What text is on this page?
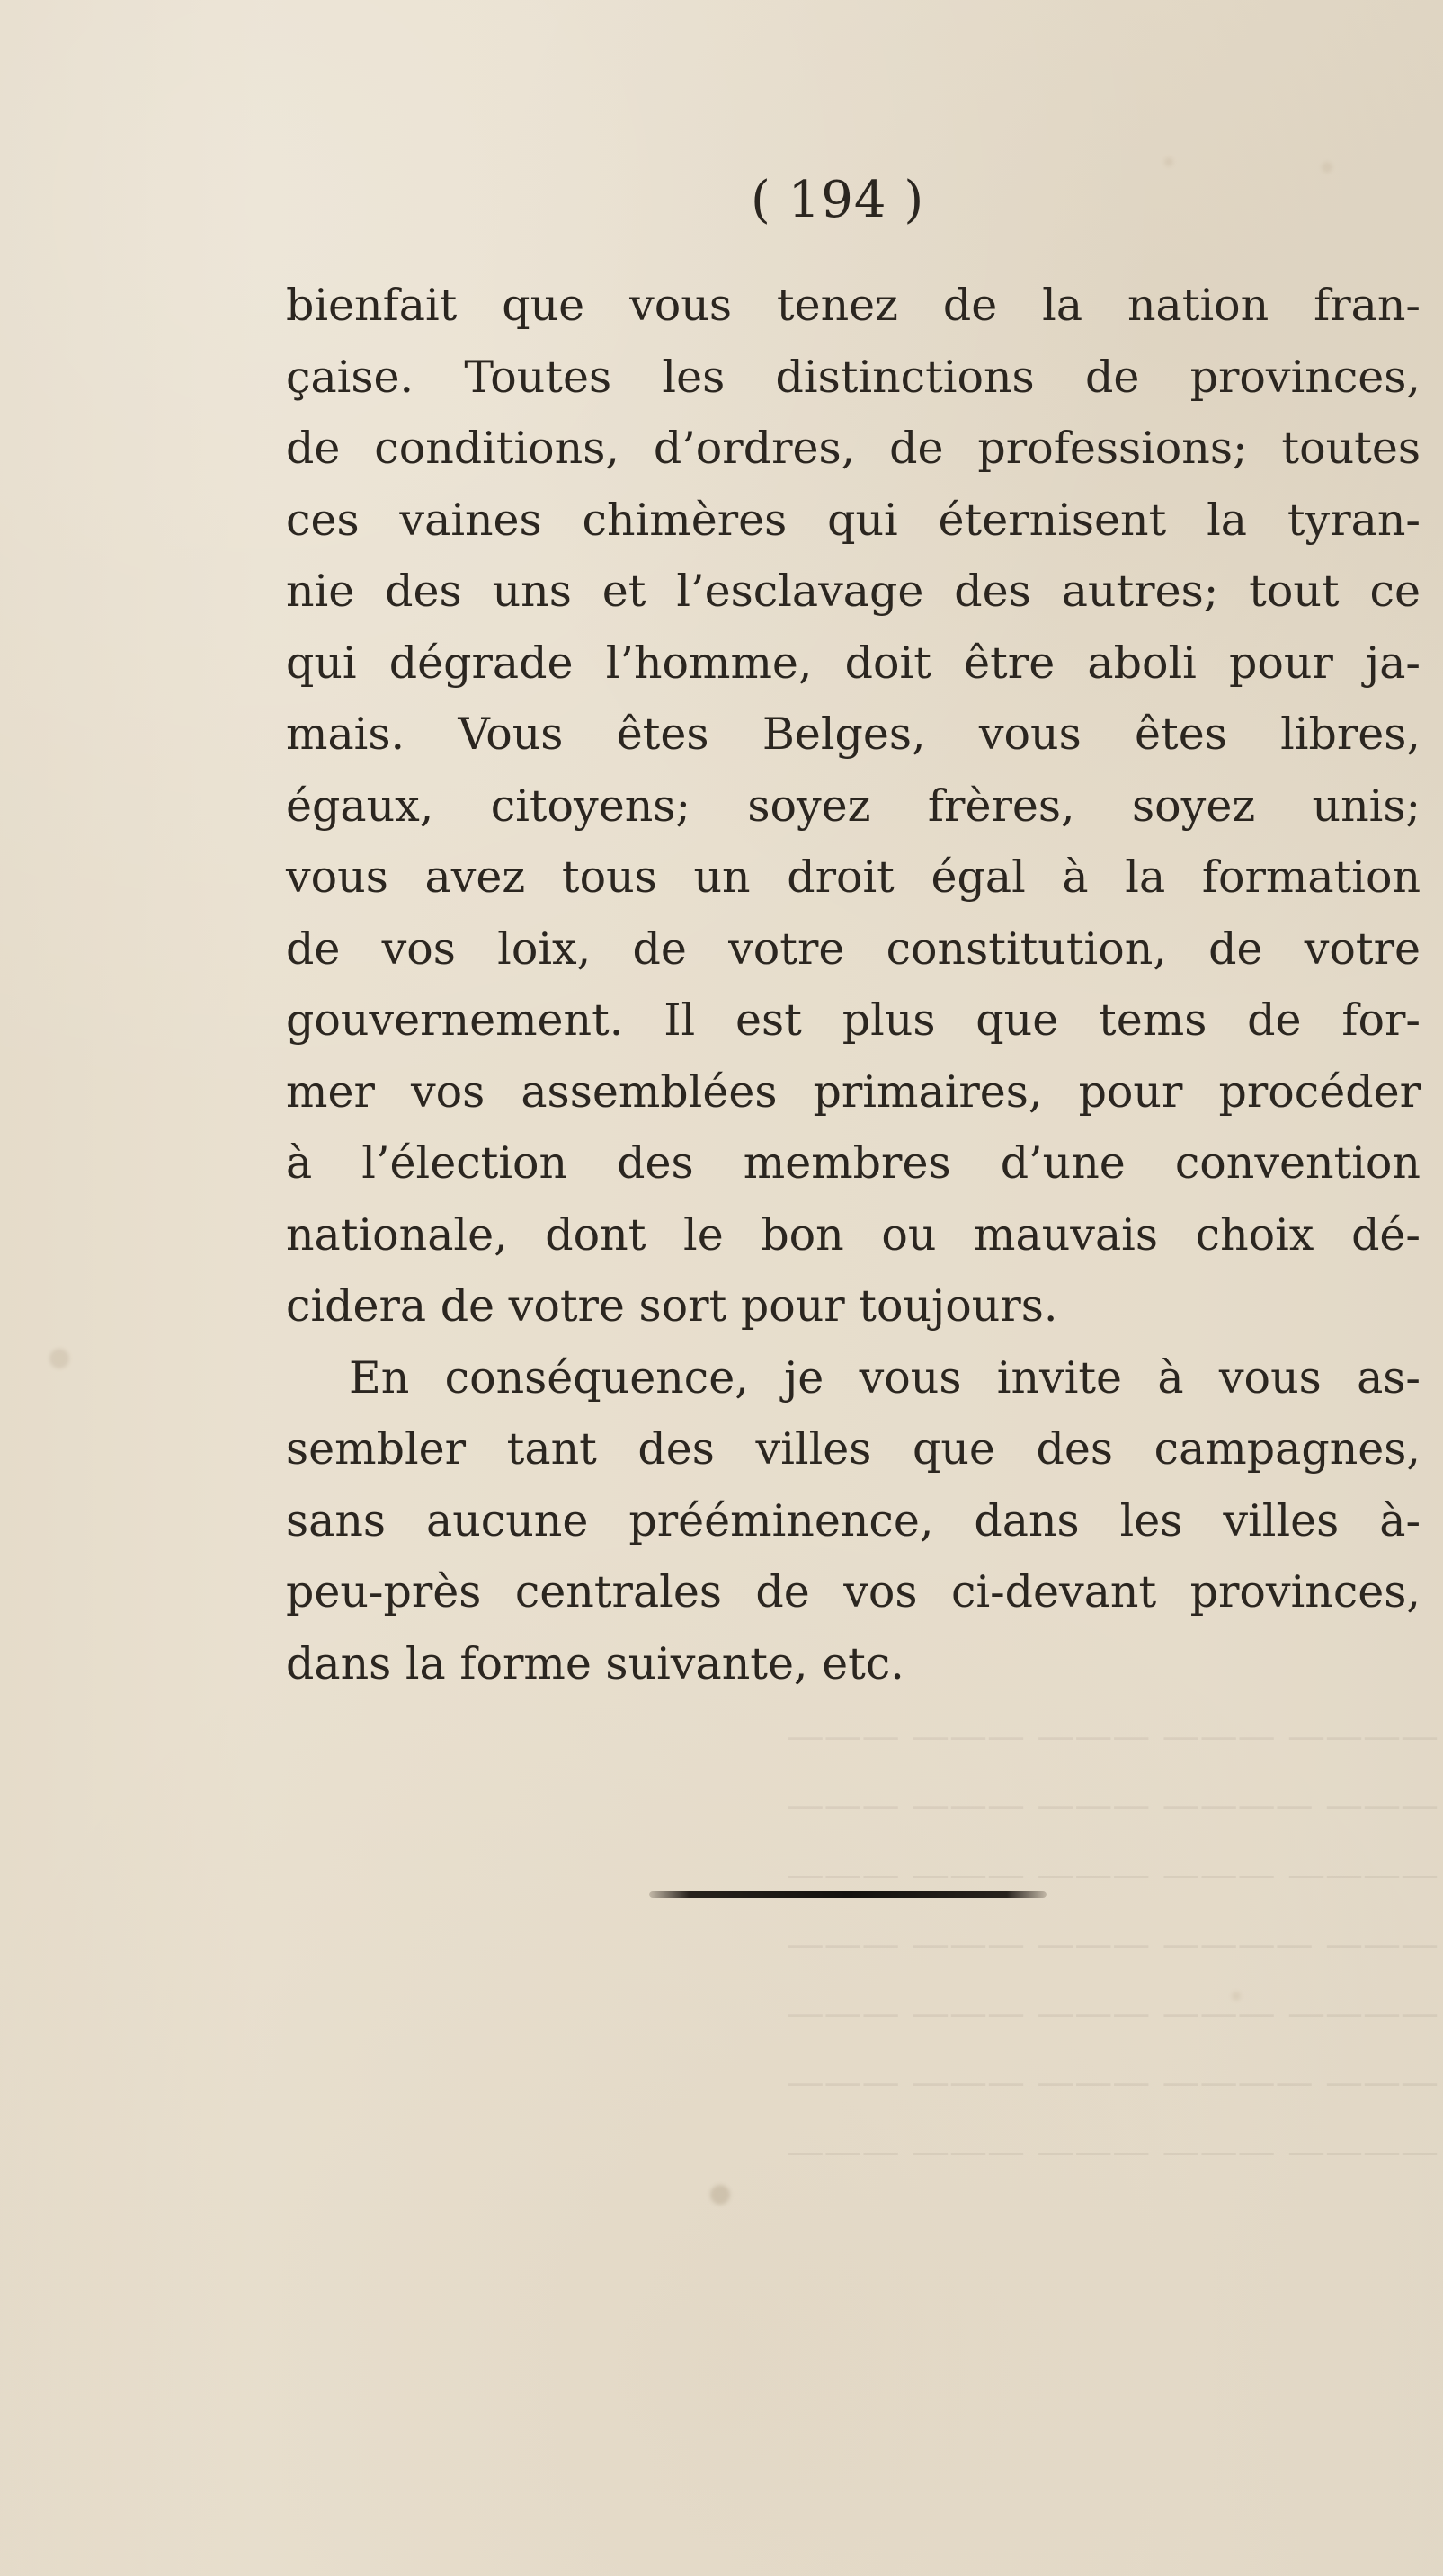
———— ——— ——— ——— ———
——— ———— ——— ——— ———
———— ——— ——— ——— ———
——— ———— ——— ——— ———
———— ——— ——— ——— ———
——— ———— ——— ——— ———
———— ——— ——— ——— ———

( 194 )
bienfait que vous tenez de la nation fran-
çaise. Toutes les distinctions de provinces,
de conditions, d’ordres, de professions; toutes
ces vaines chimères qui éternisent la tyran-
nie des uns et l’esclavage des autres; tout ce
qui dégrade l’homme, doit être aboli pour ja-
mais. Vous êtes Belges, vous êtes libres,
égaux, citoyens; soyez frères, soyez unis;
vous avez tous un droit égal à la formation
de vos loix, de votre constitution, de votre
gouvernement. Il est plus que tems de for-
mer vos assemblées primaires, pour procéder
à l’élection des membres d’une convention
nationale, dont le bon ou mauvais choix dé-
cidera de votre sort pour toujours.
En conséquence, je vous invite à vous as-
sembler tant des villes que des campagnes,
sans aucune prééminence, dans les villes à-
peu-près centrales de vos ci-devant provinces,
dans la forme suivante, etc.
